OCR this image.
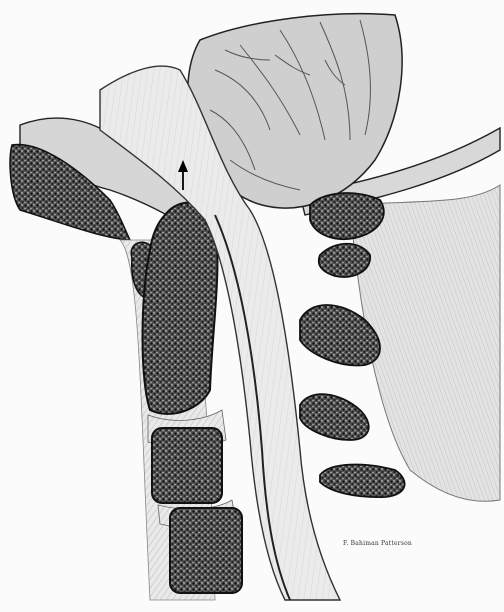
F. Bahiman Patterson
